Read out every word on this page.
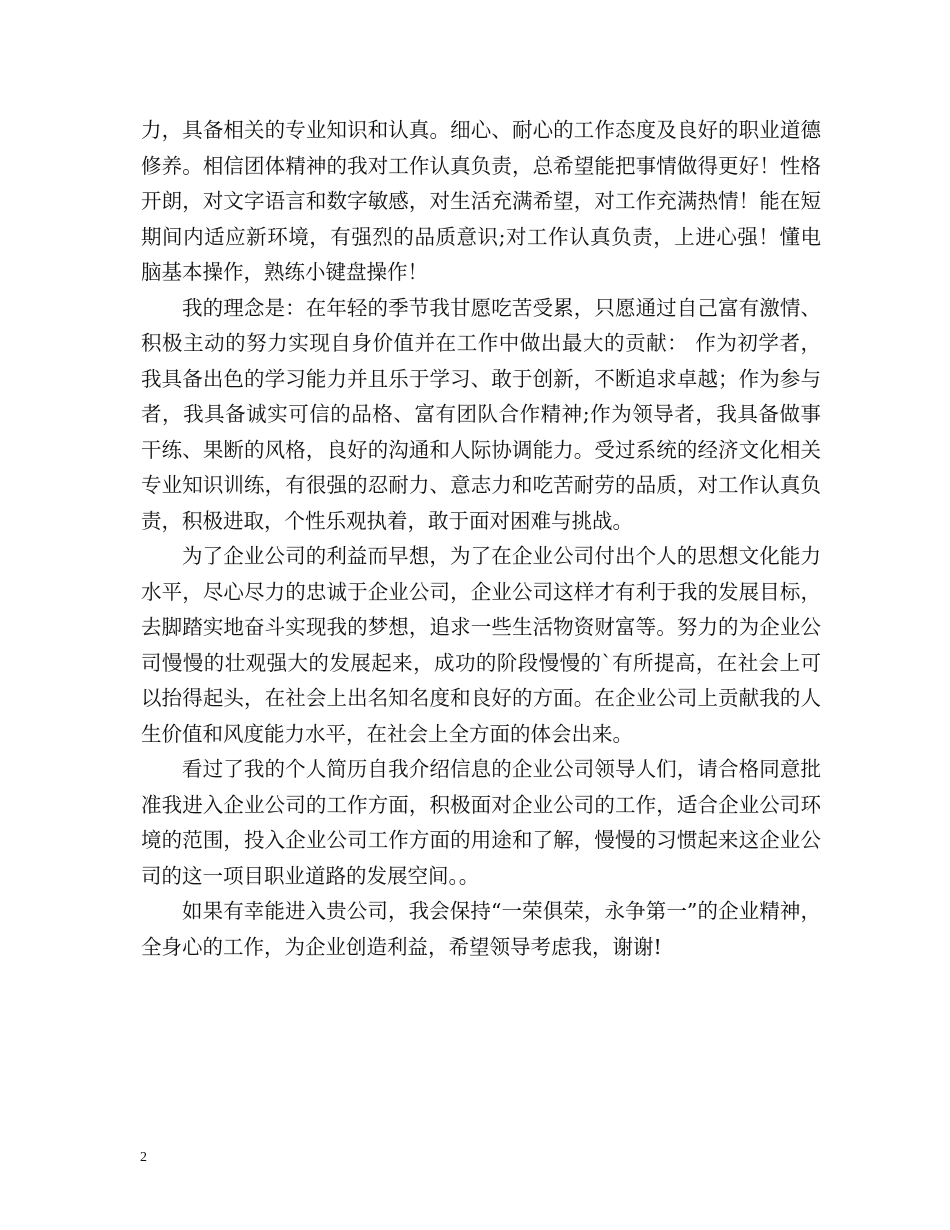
力，具备相关的专业知识和认真。细心、耐心的工作态度及良好的职业道德修养。相信团体精神的我对工作认真负责，总希望能把事情做得更好！性格开朗，对文字语言和数字敏感，对生活充满希望，对工作充满热情！能在短期间内适应新环境，有强烈的品质意识;对工作认真负责，上进心强！懂电脑基本操作，熟练小键盘操作！

我的理念是：在年轻的季节我甘愿吃苦受累，只愿通过自己富有激情、积极主动的努力实现自身价值并在工作中做出最大的贡献： 作为初学者，我具备出色的学习能力并且乐于学习、敢于创新，不断追求卓越；作为参与者，我具备诚实可信的品格、富有团队合作精神;作为领导者，我具备做事干练、果断的风格，良好的沟通和人际协调能力。受过系统的经济文化相关专业知识训练，有很强的忍耐力、意志力和吃苦耐劳的品质，对工作认真负责，积极进取，个性乐观执着，敢于面对困难与挑战。

为了企业公司的利益而早想，为了在企业公司付出个人的思想文化能力水平，尽心尽力的忠诚于企业公司，企业公司这样才有利于我的发展目标，去脚踏实地奋斗实现我的梦想，追求一些生活物资财富等。努力的为企业公司慢慢的壮观强大的发展起来，成功的阶段慢慢的`有所提高，在社会上可以抬得起头，在社会上出名知名度和良好的方面。在企业公司上贡献我的人生价值和风度能力水平，在社会上全方面的体会出来。

看过了我的个人简历自我介绍信息的企业公司领导人们，请合格同意批准我进入企业公司的工作方面，积极面对企业公司的工作，适合企业公司环境的范围，投入企业公司工作方面的用途和了解，慢慢的习惯起来这企业公司的这一项目职业道路的发展空间。。

如果有幸能进入贵公司，我会保持“一荣俱荣，永争第一”的企业精神，全身心的工作，为企业创造利益，希望领导考虑我，谢谢!

2
